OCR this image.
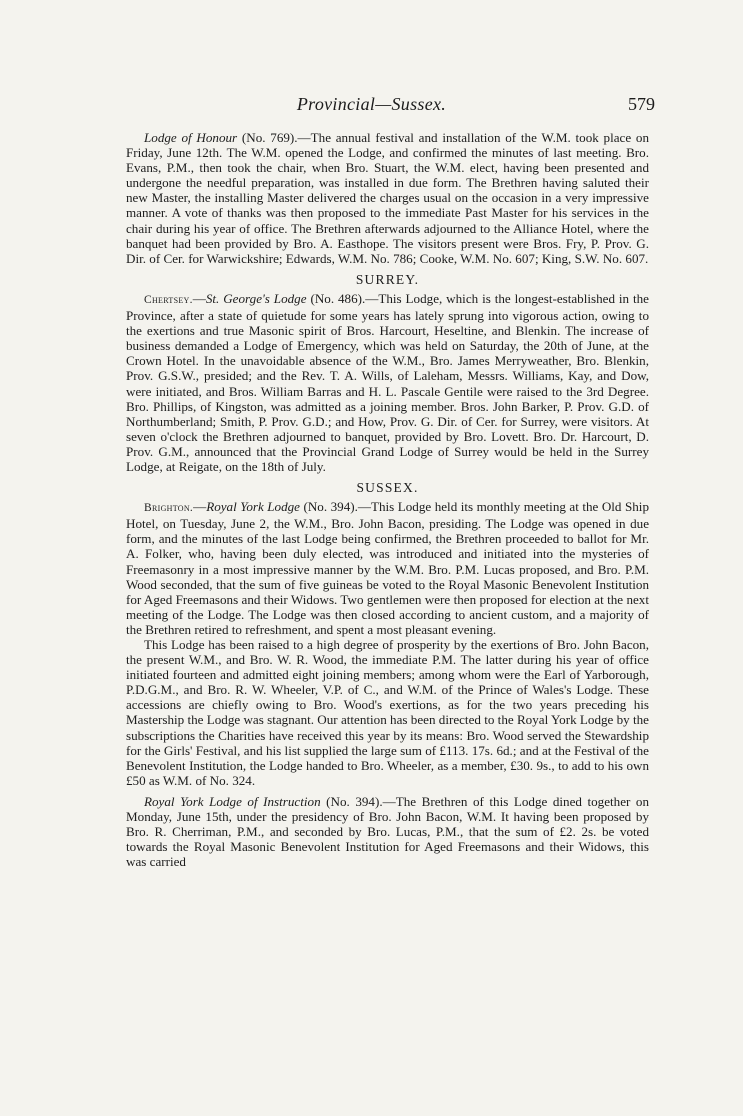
Provincial—Sussex.	579

Lodge of Honour (No. 769).—The annual festival and installation of the W.M. took place on Friday, June 12th. The W.M. opened the Lodge, and confirmed the minutes of last meeting. Bro. Evans, P.M., then took the chair, when Bro. Stuart, the W.M. elect, having been presented and undergone the needful preparation, was installed in due form. The Brethren having saluted their new Master, the installing Master delivered the charges usual on the occasion in a very impressive manner. A vote of thanks was then proposed to the immediate Past Master for his services in the chair during his year of office. The Brethren afterwards adjourned to the Alliance Hotel, where the banquet had been provided by Bro. A. Easthope. The visitors present were Bros. Fry, P. Prov. G. Dir. of Cer. for Warwickshire; Edwards, W.M. No. 786; Cooke, W.M. No. 607; King, S.W. No. 607.

SURREY.

Chertsey.—St. George's Lodge (No. 486).—This Lodge, which is the longest-established in the Province, after a state of quietude for some years has lately sprung into vigorous action, owing to the exertions and true Masonic spirit of Bros. Harcourt, Heseltine, and Blenkin. The increase of business demanded a Lodge of Emergency, which was held on Saturday, the 20th of June, at the Crown Hotel. In the unavoidable absence of the W.M., Bro. James Merryweather, Bro. Blenkin, Prov. G.S.W., presided; and the Rev. T. A. Wills, of Laleham, Messrs. Williams, Kay, and Dow, were initiated, and Bros. William Barras and H. L. Pascale Gentile were raised to the 3rd Degree. Bro. Phillips, of Kingston, was admitted as a joining member. Bros. John Barker, P. Prov. G.D. of Northumberland; Smith, P. Prov. G.D.; and How, Prov. G. Dir. of Cer. for Surrey, were visitors. At seven o'clock the Brethren adjourned to banquet, provided by Bro. Lovett. Bro. Dr. Harcourt, D. Prov. G.M., announced that the Provincial Grand Lodge of Surrey would be held in the Surrey Lodge, at Reigate, on the 18th of July.

SUSSEX.

Brighton.—Royal York Lodge (No. 394).—This Lodge held its monthly meeting at the Old Ship Hotel, on Tuesday, June 2, the W.M., Bro. John Bacon, presiding. The Lodge was opened in due form, and the minutes of the last Lodge being confirmed, the Brethren proceeded to ballot for Mr. A. Folker, who, having been duly elected, was introduced and initiated into the mysteries of Freemasonry in a most impressive manner by the W.M. Bro. P.M. Lucas proposed, and Bro. P.M. Wood seconded, that the sum of five guineas be voted to the Royal Masonic Benevolent Institution for Aged Freemasons and their Widows. Two gentlemen were then proposed for election at the next meeting of the Lodge. The Lodge was then closed according to ancient custom, and a majority of the Brethren retired to refreshment, and spent a most pleasant evening.

This Lodge has been raised to a high degree of prosperity by the exertions of Bro. John Bacon, the present W.M., and Bro. W. R. Wood, the immediate P.M. The latter during his year of office initiated fourteen and admitted eight joining members; among whom were the Earl of Yarborough, P.D.G.M., and Bro. R. W. Wheeler, V.P. of C., and W.M. of the Prince of Wales's Lodge. These accessions are chiefly owing to Bro. Wood's exertions, as for the two years preceding his Mastership the Lodge was stagnant. Our attention has been directed to the Royal York Lodge by the subscriptions the Charities have received this year by its means: Bro. Wood served the Stewardship for the Girls' Festival, and his list supplied the large sum of £113. 17s. 6d.; and at the Festival of the Benevolent Institution, the Lodge handed to Bro. Wheeler, as a member, £30. 9s., to add to his own £50 as W.M. of No. 324.

Royal York Lodge of Instruction (No. 394).—The Brethren of this Lodge dined together on Monday, June 15th, under the presidency of Bro. John Bacon, W.M. It having been proposed by Bro. R. Cherriman, P.M., and seconded by Bro. Lucas, P.M., that the sum of £2. 2s. be voted towards the Royal Masonic Benevolent Institution for Aged Freemasons and their Widows, this was carried
